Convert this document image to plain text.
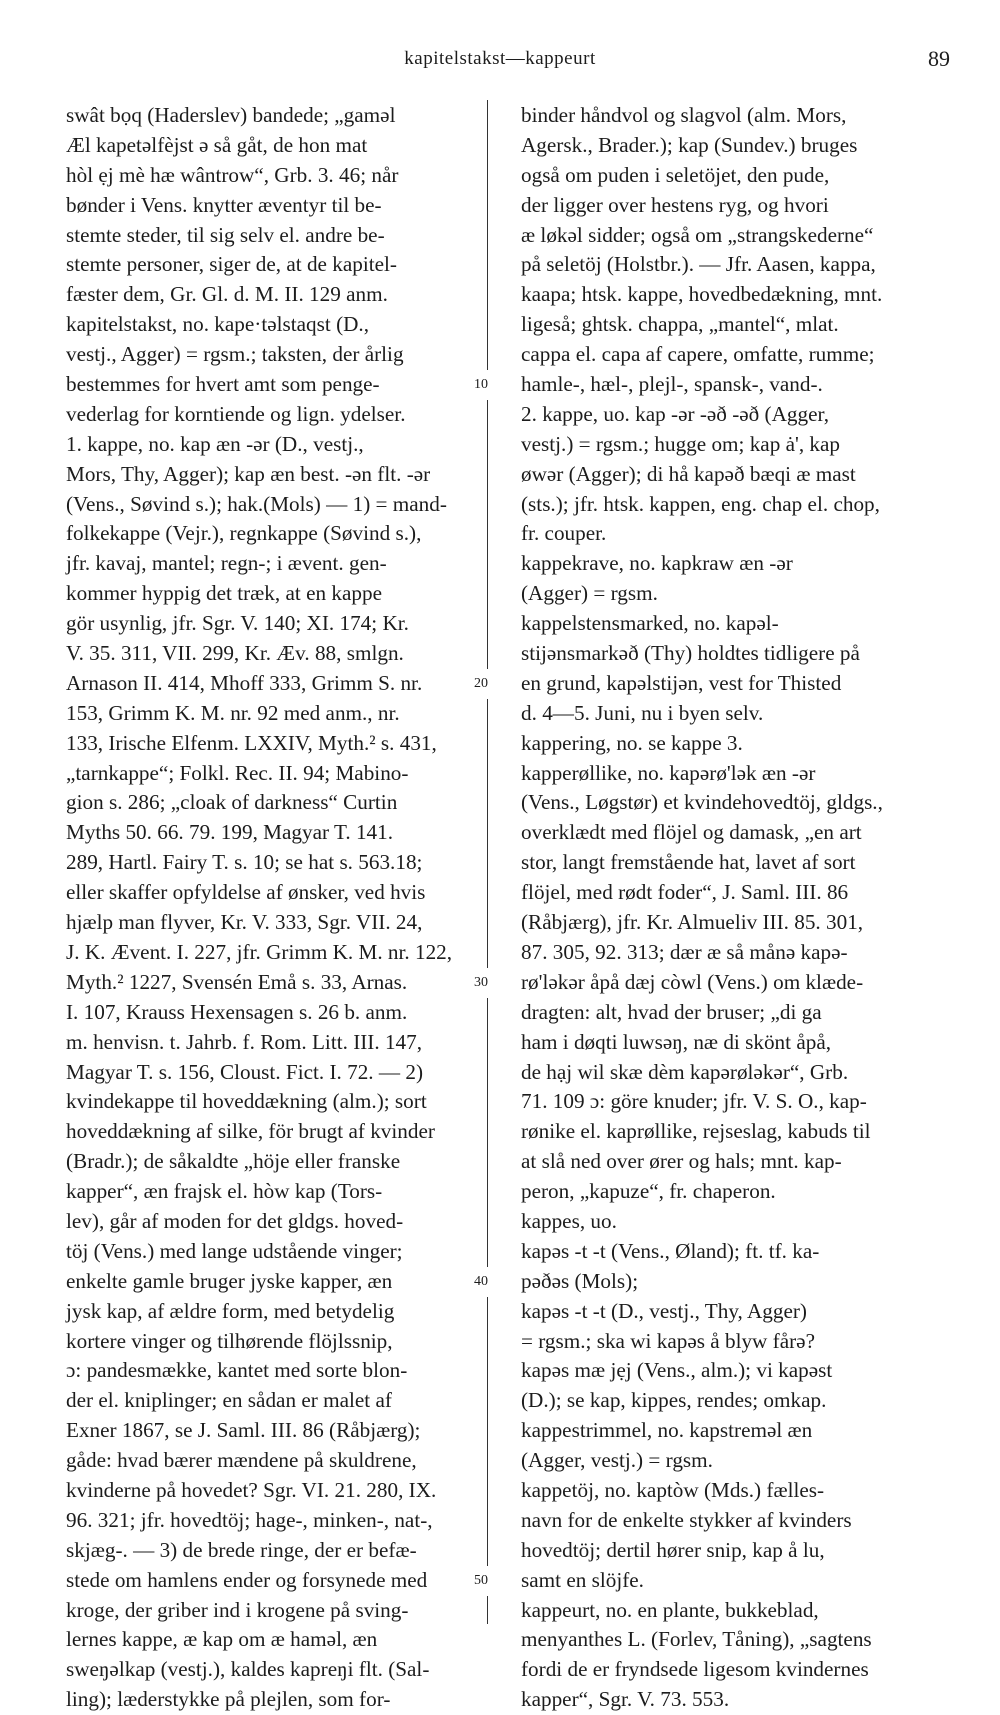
kapitelstakst—kappeurt	89
swât bọq (Haderslev) bandede; „gaməl
Æl kapetəlfèjst ə så gåt, de hon mat
hòl ẹj mè hæ wântrow“, Grb. 3. 46; når
bønder i Vens. knytter æventyr til be-
stemte steder, til sig selv el. andre be-
stemte personer, siger de, at de kapitel-
fæster dem, Gr. Gl. d. M. II. 129 anm.
kapitelstakst, no. kape·təlstaqst (D.,
vestj., Agger) = rgsm.; taksten, der årlig
bestemmes for hvert amt som penge-
vederlag for korntiende og lign. ydelser.
1. kappe, no. kap æn -ər (D., vestj.,
Mors, Thy, Agger); kap æn best. -ən flt. -ər
(Vens., Søvind s.); hak.(Mols) — 1) = mand-
folkekappe (Vejr.), regnkappe (Søvind s.),
jfr. kavaj, mantel; regn-; i ævent. gen-
kommer hyppig det træk, at en kappe
gör usynlig, jfr. Sgr. V. 140; XI. 174; Kr.
V. 35. 311, VII. 299, Kr. Æv. 88, smlgn.
Arnason II. 414, Mhoff 333, Grimm S. nr.
153, Grimm K. M. nr. 92 med anm., nr.
133, Irische Elfenm. LXXIV, Myth.² s. 431,
„tarnkappe“; Folkl. Rec. II. 94; Mabino-
gion s. 286; „cloak of darkness“ Curtin
Myths 50. 66. 79. 199, Magyar T. 141.
289, Hartl. Fairy T. s. 10; se hat s. 563.18;
eller skaffer opfyldelse af ønsker, ved hvis
hjælp man flyver, Kr. V. 333, Sgr. VII. 24,
J. K. Ævent. I. 227, jfr. Grimm K. M. nr. 122,
Myth.² 1227, Svensén Emå s. 33, Arnas.
I. 107, Krauss Hexensagen s. 26 b. anm.
m. henvisn. t. Jahrb. f. Rom. Litt. III. 147,
Magyar T. s. 156, Cloust. Fict. I. 72. — 2)
kvindekappe til hoveddækning (alm.); sort
hoveddækning af silke, för brugt af kvinder
(Bradr.); de såkaldte „höje eller franske
kapper“, æn frajsk el. hòw kap (Tors-
lev), går af moden for det gldgs. hoved-
töj (Vens.) med lange udstående vinger;
enkelte gamle bruger jyske kapper, æn
jysk kap, af ældre form, med betydelig
kortere vinger og tilhørende flöjlssnip,
ɔ: pandesmække, kantet med sorte blon-
der el. kniplinger; en sådan er malet af
Exner 1867, se J. Saml. III. 86 (Råbjærg);
gåde: hvad bærer mændene på skuldrene,
kvinderne på hovedet? Sgr. VI. 21. 280, IX.
96. 321; jfr. hovedtöj; hage-, minken-, nat-,
skjæg-. — 3) de brede ringe, der er befæ-
stede om hamlens ender og forsynede med
kroge, der griber ind i krogene på sving-
lernes kappe, æ kap om æ haməl, æn
sweŋəlkap (vestj.), kaldes kapreŋi flt. (Sal-
ling); læderstykke på plejlen, som for-
10
20
30
40
50
binder håndvol og slagvol (alm. Mors,
Agersk., Brader.); kap (Sundev.) bruges
også om puden i seletöjet, den pude,
der ligger over hestens ryg, og hvori
æ løkəl sidder; også om „strangskederne“
på seletöj (Holstbr.). — Jfr. Aasen, kappa,
kaapa; htsk. kappe, hovedbedækning, mnt.
ligeså; ghtsk. chappa, „mantel“, mlat.
cappa el. capa af capere, omfatte, rumme;
hamle-, hæl-, plejl-, spansk-, vand-.
2. kappe, uo. kap -ər -əð -əð (Agger,
vestj.) = rgsm.; hugge om; kap ȧ', kap
øwər (Agger); di hå kapəð bæqi æ mast
(sts.); jfr. htsk. kappen, eng. chap el. chop,
fr. couper.
kappekrave, no. kapkraw æn -ər
(Agger) = rgsm.
kappelstensmarked, no. kapəl-
stijənsmarkəð (Thy) holdtes tidligere på
en grund, kapəlstijən, vest for Thisted
d. 4—5. Juni, nu i byen selv.
kappering, no. se kappe 3.
kapperøllike, no. kapərø'lək æn -ər
(Vens., Løgstør) et kvindehovedtöj, gldgs.,
overklædt med flöjel og damask, „en art
stor, langt fremstående hat, lavet af sort
flöjel, med rødt foder“, J. Saml. III. 86
(Råbjærg), jfr. Kr. Almueliv III. 85. 301,
87. 305, 92. 313; dær æ så månə kapə-
rø'ləkər åpå dæj còwl (Vens.) om klæde-
dragten: alt, hvad der bruser; „di ga
ham i døqti luwsəŋ, næ di skönt åpå,
de hạj wil skæ dèm kapərøləkər“, Grb.
71. 109 ɔ: göre knuder; jfr. V. S. O., kap-
rønike el. kaprøllike, rejseslag, kabuds til
at slå ned over ører og hals; mnt. kap-
peron, „kapuze“, fr. chaperon.
kappes, uo.
kapəs -t -t (Vens., Øland); ft. tf. ka-
pəðəs (Mols);
kapəs -t -t (D., vestj., Thy, Agger)
= rgsm.; ska wi kapəs å blyw fårə?
kapəs mæ jẹj (Vens., alm.); vi kapəst
(D.); se kap, kippes, rendes; omkap.
kappestrimmel, no. kapstreməl æn
(Agger, vestj.) = rgsm.
kappetöj, no. kaptòw (Mds.) fælles-
navn for de enkelte stykker af kvinders
hovedtöj; dertil hører snip, kap å lu,
samt en slöjfe.
kappeurt, no. en plante, bukkeblad,
menyanthes L. (Forlev, Tåning), „sagtens
fordi de er fryndsede ligesom kvindernes
kapper“, Sgr. V. 73. 553.
